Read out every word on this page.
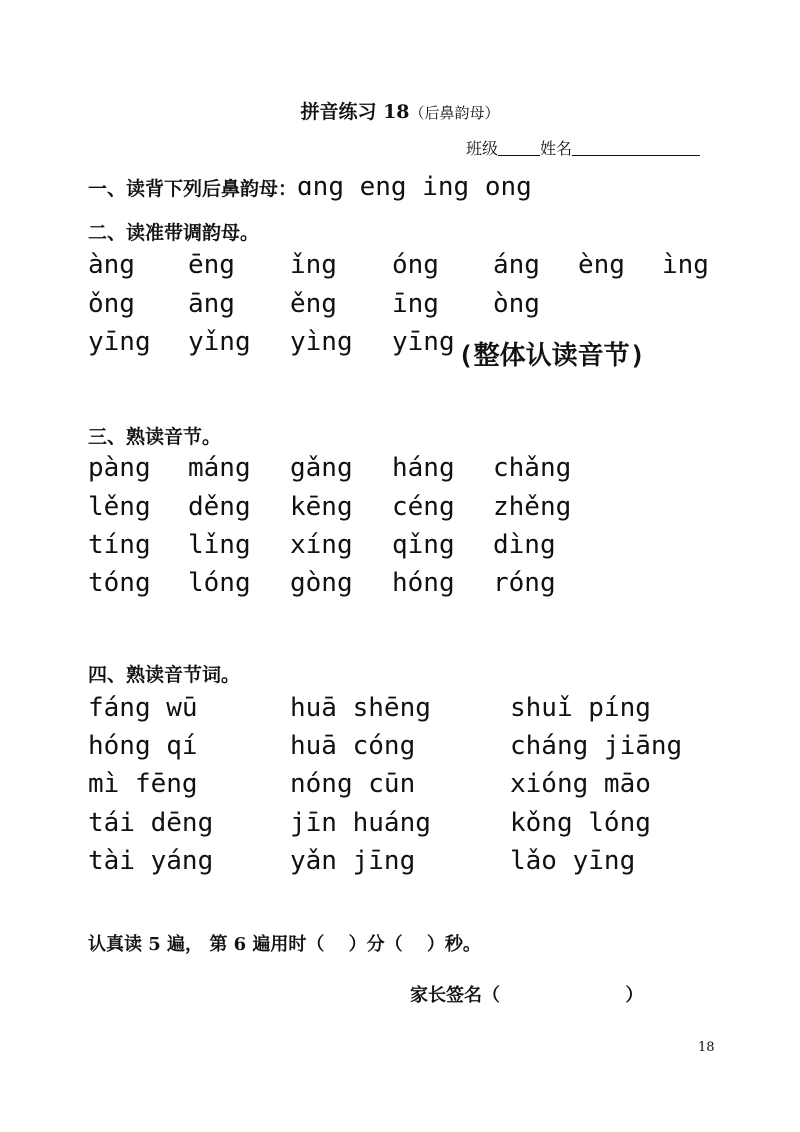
拼音练习 18（后鼻韵母）
班级	姓名
一、读背下列后鼻韵母：ɑng eng ing ong
二、读准带调韵母。
àng ēng ǐng óng áng èng ìng
ǒng āng ěng īng òng
yīng yǐng yìng yīng (整体认读音节)
三、熟读音节。
pàng máng gǎng háng chǎng
lěng děng kēng céng zhěng
tíng lǐng xíng qǐng dìng
tóng lóng gòng hóng róng
四、熟读音节词。
fáng wū	huā shēng	shuǐ píng
hóng qí	huā cóng	cháng jiāng
mì fēng	nóng cūn	xióng māo
tái dēng	jīn huáng	kǒng lóng
tài yáng	yǎn jīng	lǎo yīng
认真读 5 遍， 第 6 遍用时（　 ）分（　 ）秒。
家长签名（                    ）
18
